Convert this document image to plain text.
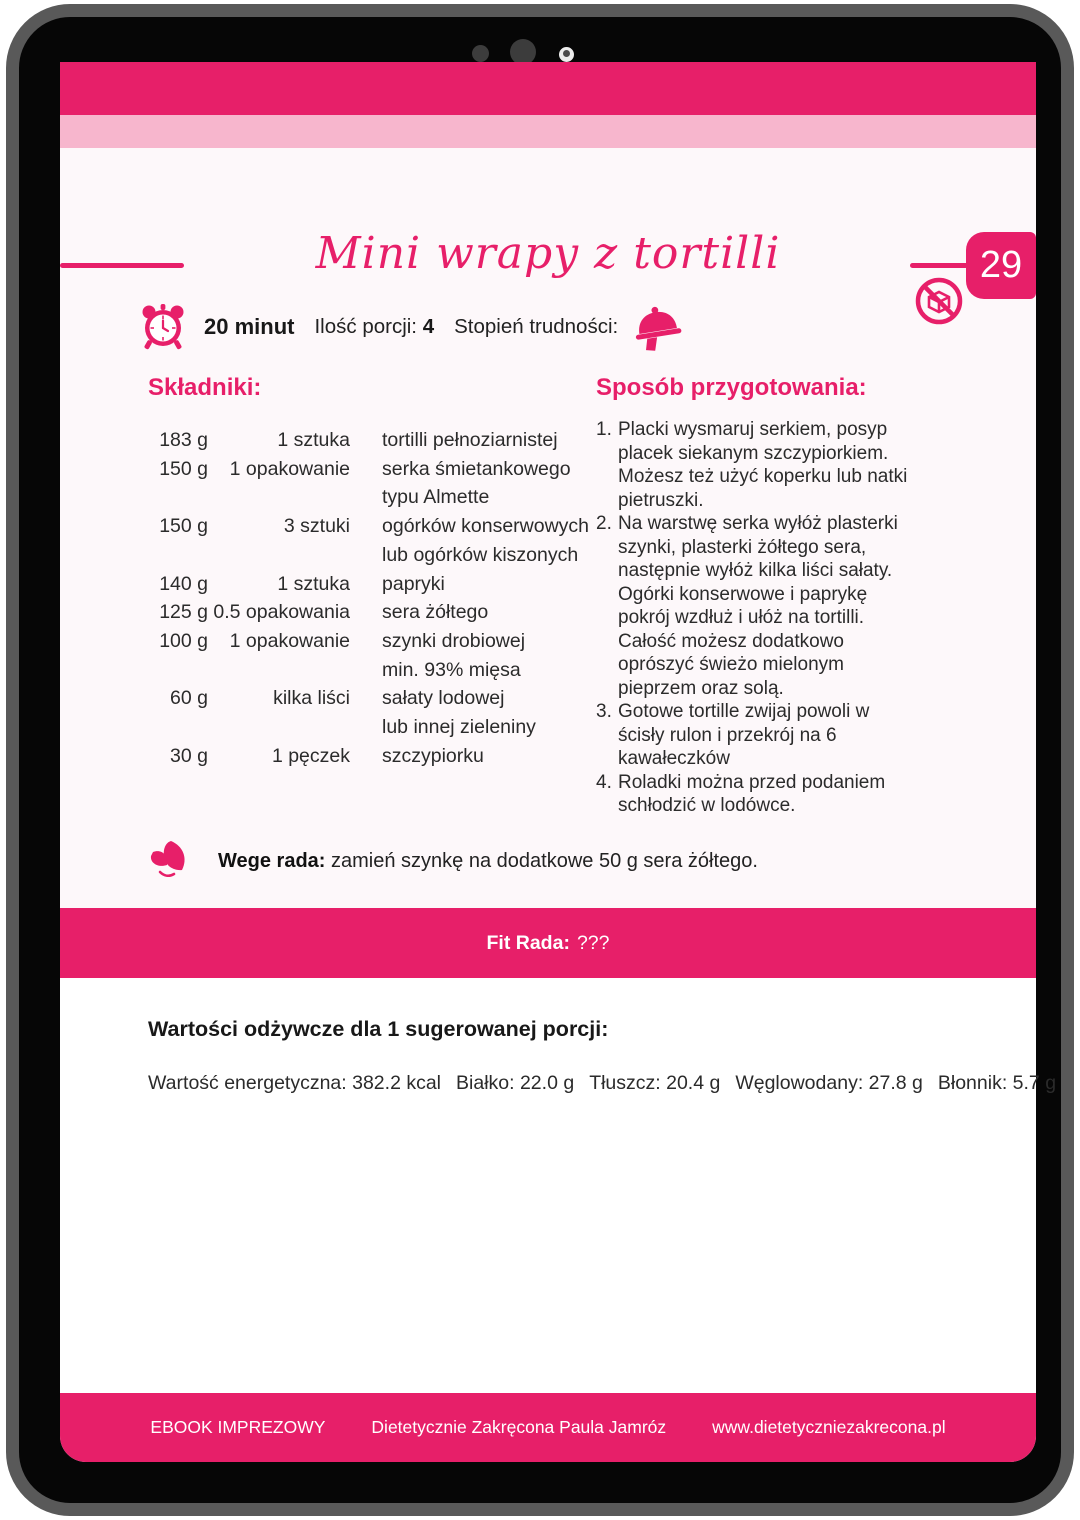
Mini wrapy z tortilli	29
20 minut Ilość porcji: 4 Stopień trudności:
Składniki:
183 g	1 sztuka tortilli pełnoziarnistej
150 g	1 opakowanie serka śmietankowego
typu Almette
150 g	3 sztuki ogórków konserwowych
lub ogórków kiszonych
140 g	1 sztuka papryki
125 g 0.5 opakowania sera żółtego
100 g	1 opakowanie szynki drobiowej
min. 93% mięsa
60 g	kilka liści sałaty lodowej
lub innej zieleniny
30 g	1 pęczek szczypiorku
Sposób przygotowania:
Placki wysmaruj serkiem, posyp placek siekanym szczypiorkiem. Możesz też użyć koperku lub natki pietruszki.
Na warstwę serka wyłóż plasterki szynki, plasterki żółtego sera, następnie wyłóż kilka liści sałaty. Ogórki konserwowe i paprykę pokrój wzdłuż i ułóż na tortilli. Całość możesz dodatkowo oprószyć świeżo mielonym pieprzem oraz solą.
Gotowe tortille zwijaj powoli w ścisły rulon i przekrój na 6 kawałeczków
Roladki można przed podaniem schłodzić w lodówce.
Wege rada: zamień szynkę na dodatkowe 50 g sera żółtego.
Fit Rada: ???
Wartości odżywcze dla 1 sugerowanej porcji:
Wartość energetyczna: 382.2 kcal Białko: 22.0 g Tłuszcz: 20.4 g Węglowodany: 27.8 g Błonnik: 5.7 g
EBOOK IMPREZOWY	Dietetycznie Zakręcona Paula Jamróz	www.dietetyczniezakrecona.pl
